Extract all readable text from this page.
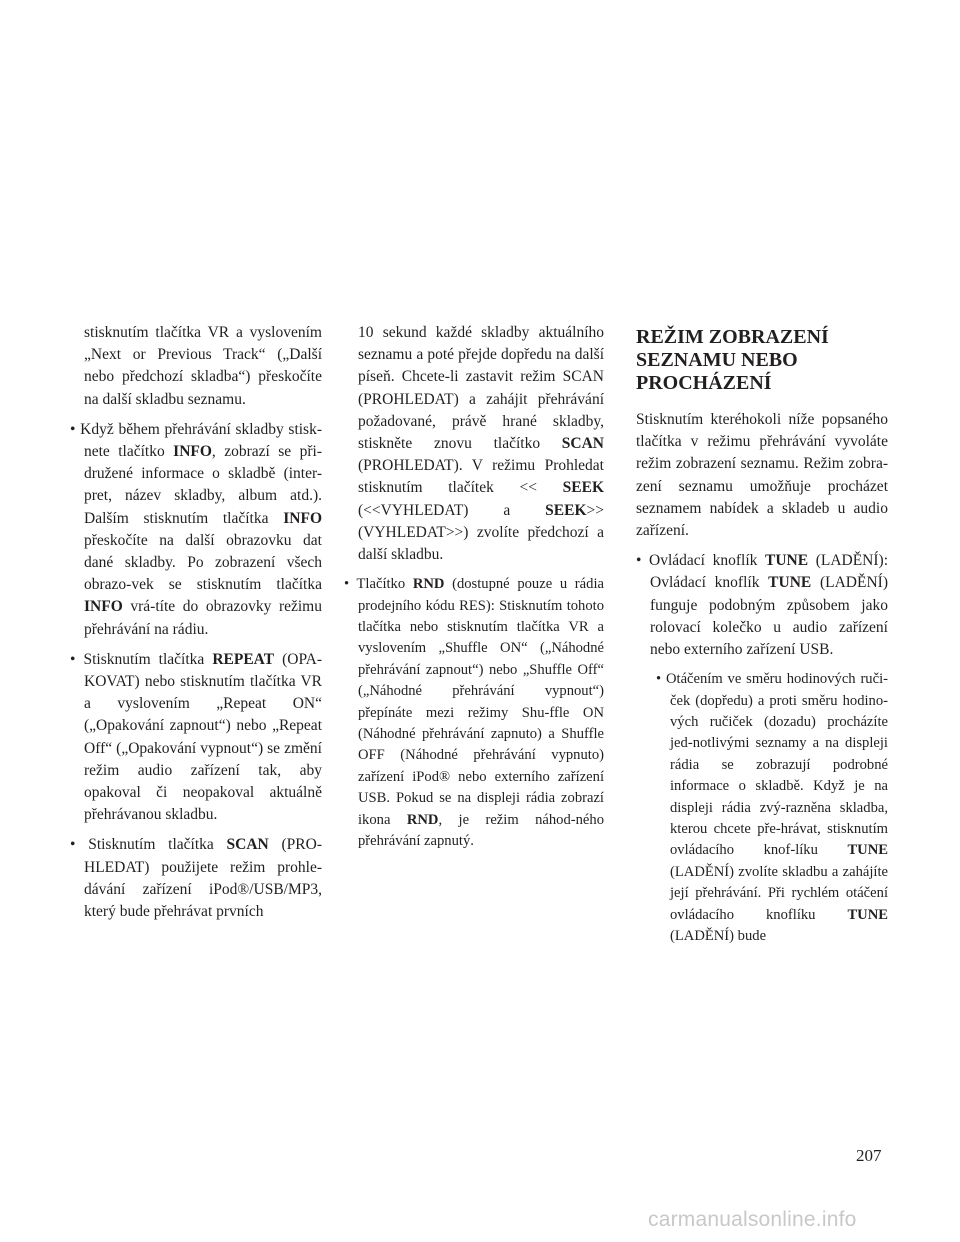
stisknutím tlačítka VR a vyslovením „Next or Previous Track“ („Další nebo předchozí skladba“) přeskočíte na další skladbu seznamu.

• Když během přehrávání skladby stisk-nete tlačítko INFO, zobrazí se při-družené informace o skladbě (inter-pret, název skladby, album atd.). Dalším stisknutím tlačítka INFO přeskočíte na další obrazovku dat dané skladby. Po zobrazení všech obrazo-vek se stisknutím tlačítka INFO vrá-títe do obrazovky režimu přehrávání na rádiu.

• Stisknutím tlačítka REPEAT (OPA-KOVAT) nebo stisknutím tlačítka VR a vyslovením „Repeat ON“ („Opakování zapnout“) nebo „Repeat Off“ („Opakování vypnout“) se změní režim audio zařízení tak, aby opakoval či neopakoval aktuálně přehrávanou skladbu.

• Stisknutím tlačítka SCAN (PRO-HLEDAT) použijete režim prohle-dávání zařízení iPod®/USB/MP3, který bude přehrávat prvních

10 sekund každé skladby aktuálního seznamu a poté přejde dopředu na další píseň. Chcete-li zastavit režim SCAN (PROHLEDAT) a zahájit přehrávání požadované, právě hrané skladby, stiskněte znovu tlačítko SCAN (PROHLEDAT). V režimu Prohledat stisknutím tlačítek << SEEK (<<VYHLEDAT) a SEEK>> (VYHLEDAT>>) zvolíte předchozí a další skladbu.

• Tlačítko RND (dostupné pouze u rádia prodejního kódu RES): Stisknutím tohoto tlačítka nebo stisknutím tlačítka VR a vyslovením „Shuffle ON“ („Náhodné přehrávání zapnout“) nebo „Shuffle Off“ („Náhodné přehrávání vypnout“) přepínáte mezi režimy Shu-ffle ON (Náhodné přehrávání zapnuto) a Shuffle OFF (Náhodné přehrávání vypnuto) zařízení iPod® nebo externího zařízení USB. Pokud se na displeji rádia zobrazí ikona RND, je režim náhod-ného přehrávání zapnutý.

REŽIM ZOBRAZENÍ
SEZNAMU NEBO
PROCHÁZENÍ

Stisknutím kteréhokoli níže popsaného tlačítka v režimu přehrávání vyvoláte režim zobrazení seznamu. Režim zobra-zení seznamu umožňuje procházet seznamem nabídek a skladeb u audio zařízení.

• Ovládací knoflík TUNE (LADĚNÍ): Ovládací knoflík TUNE (LADĚNÍ) funguje podobným způsobem jako rolovací kolečko u audio zařízení nebo externího zařízení USB.

• Otáčením ve směru hodinových ruči-ček (dopředu) a proti směru hodino-vých ručiček (dozadu) procházíte jed-notlivými seznamy a na displeji rádia se zobrazují podrobné informace o skladbě. Když je na displeji rádia zvý-razněna skladba, kterou chcete pře-hrávat, stisknutím ovládacího knof-líku TUNE (LADĚNÍ) zvolíte skladbu a zahájíte její přehrávání. Při rychlém otáčení ovládacího knoflíku TUNE (LADĚNÍ) bude

207
carmanualsonline.info
